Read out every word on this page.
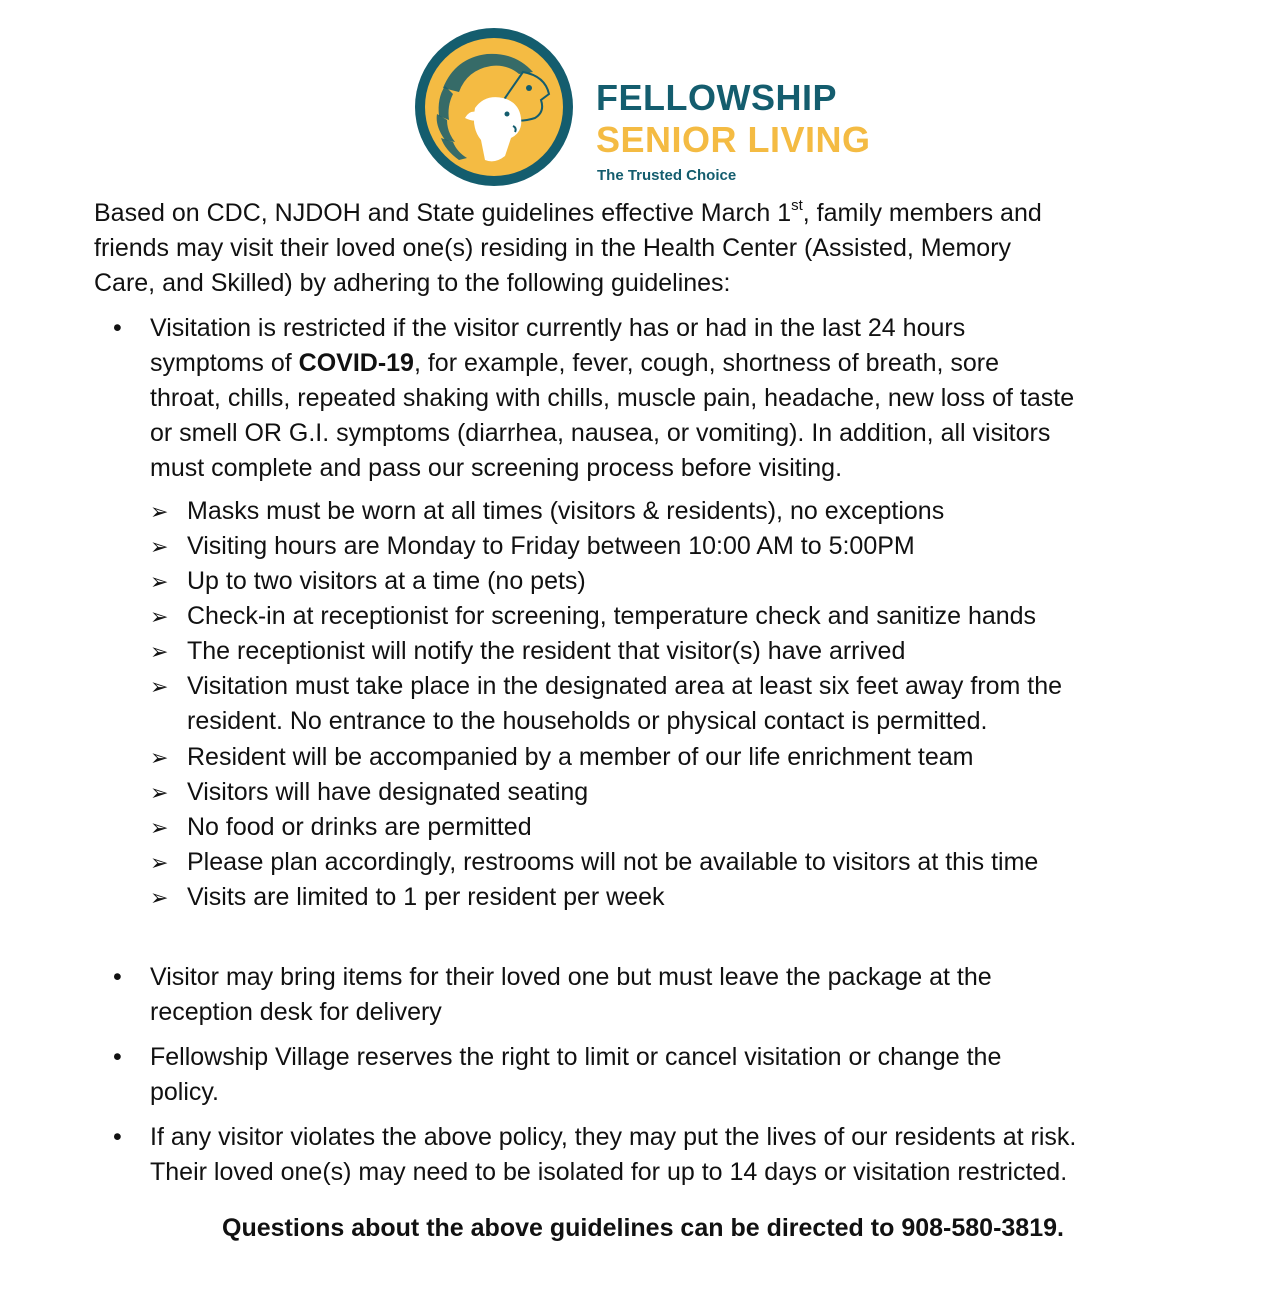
FELLOWSHIP
SENIOR LIVING
The Trusted Choice
Based on CDC, NJDOH and State guidelines effective March 1st, family members and
friends may visit their loved one(s) residing in the Health Center (Assisted, Memory
Care, and Skilled) by adhering to the following guidelines:
• Visitation is restricted if the visitor currently has or had in the last 24 hours
symptoms of COVID-19, for example, fever, cough, shortness of breath, sore
throat, chills, repeated shaking with chills, muscle pain, headache, new loss of taste
or smell OR G.I. symptoms (diarrhea, nausea, or vomiting). In addition, all visitors
must complete and pass our screening process before visiting.
➢ Masks must be worn at all times (visitors & residents), no exceptions
➢ Visiting hours are Monday to Friday between 10:00 AM to 5:00PM
➢ Up to two visitors at a time (no pets)
➢ Check-in at receptionist for screening, temperature check and sanitize hands
➢ The receptionist will notify the resident that visitor(s) have arrived
➢ Visitation must take place in the designated area at least six feet away from the
resident. No entrance to the households or physical contact is permitted.
➢ Resident will be accompanied by a member of our life enrichment team
➢ Visitors will have designated seating
➢ No food or drinks are permitted
➢ Please plan accordingly, restrooms will not be available to visitors at this time
➢ Visits are limited to 1 per resident per week
• Visitor may bring items for their loved one but must leave the package at the
reception desk for delivery
• Fellowship Village reserves the right to limit or cancel visitation or change the
policy.
• If any visitor violates the above policy, they may put the lives of our residents at risk.
Their loved one(s) may need to be isolated for up to 14 days or visitation restricted.
Questions about the above guidelines can be directed to 908-580-3819.
